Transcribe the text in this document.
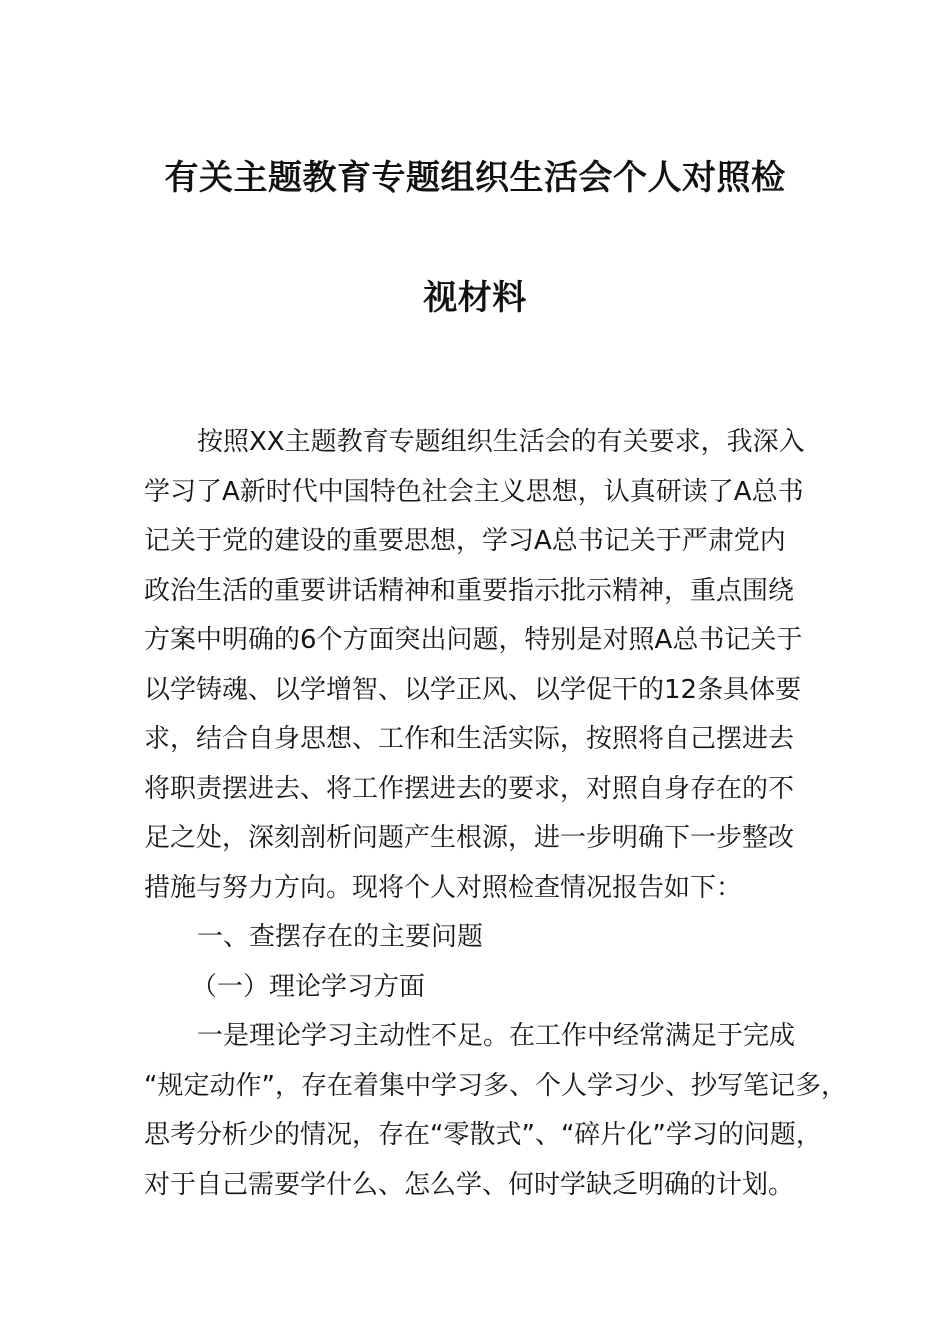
有关主题教育专题组织生活会个人对照检
视材料
按照XX主题教育专题组织生活会的有关要求，我深入
学习了A新时代中国特色社会主义思想，认真研读了A总书
记关于党的建设的重要思想，学习A总书记关于严肃党内
政治生活的重要讲话精神和重要指示批示精神，重点围绕
方案中明确的6个方面突出问题，特别是对照A总书记关于
以学铸魂、以学增智、以学正风、以学促干的12条具体要
求，结合自身思想、工作和生活实际，按照将自己摆进去
将职责摆进去、将工作摆进去的要求，对照自身存在的不
足之处，深刻剖析问题产生根源，进一步明确下一步整改
措施与努力方向。现将个人对照检查情况报告如下：
一、查摆存在的主要问题
（一）理论学习方面
一是理论学习主动性不足。在工作中经常满足于完成
“规定动作”，存在着集中学习多、个人学习少、抄写笔记多，
思考分析少的情况，存在“零散式”、“碎片化”学习的问题，
对于自己需要学什么、怎么学、何时学缺乏明确的计划。
